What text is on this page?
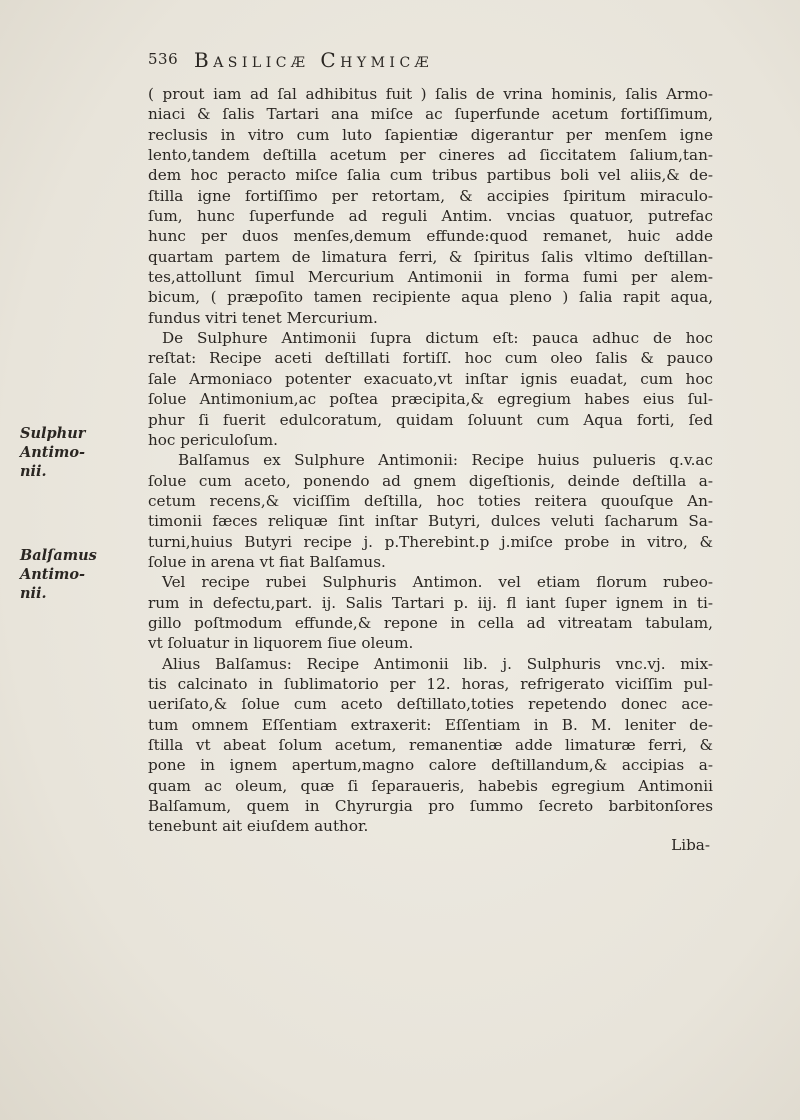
536 Basilicæ Chymicæ
Sulphur
Antimo-
nii.
Balſamus
Antimo-
nii.
( prout iam ad ſal adhibitus fuit ) ſalis de vrina hominis, ſalis Armo-
niaci & ſalis Tartari ana miſce ac ſuperfunde acetum fortiſſimum,
reclusis in vitro cum luto ſapientiæ digerantur per menſem igne
lento,tandem deſtilla acetum per cineres ad ſiccitatem ſalium,tan-
dem hoc peracto miſce ſalia cum tribus partibus boli vel aliis,& de-
ſtilla igne fortiſſimo per retortam, & accipies ſpiritum miraculo-
ſum, hunc ſuperfunde ad reguli Antim. vncias quatuor, putrefac
hunc per duos menſes,demum effunde:quod remanet, huic adde
quartam partem de limatura ferri, & ſpiritus ſalis vltimo deſtillan-
tes,attollunt ſimul Mercurium Antimonii in forma fumi per alem-
bicum, ( præpoſito tamen recipiente aqua pleno ) ſalia rapit aqua,
fundus vitri tenet Mercurium.
De Sulphure Antimonii ſupra dictum eſt: pauca adhuc de hoc
reſtat: Recipe aceti deſtillati fortiſſ. hoc cum oleo ſalis & pauco
ſale Armoniaco potenter exacuato,vt inſtar ignis euadat, cum hoc
ſolue Antimonium,ac poſtea præcipita,& egregium habes eius ſul-
phur ſi fuerit edulcoratum, quidam ſoluunt cum Aqua forti, ſed
hoc periculoſum.
Balſamus ex Sulphure Antimonii: Recipe huius pulueris q.v.ac
ſolue cum aceto, ponendo ad gnem digeſtionis, deinde deſtilla a-
cetum recens,& viciſſim deſtilla, hoc toties reitera quouſque An-
timonii fæces reliquæ ſint inſtar Butyri, dulces veluti ſacharum Sa-
turni,huius Butyri recipe j. p.Therebint.p j.miſce probe in vitro, &
ſolue in arena vt fiat Balſamus.
Vel recipe rubei Sulphuris Antimon. vel etiam florum rubeo-
rum in defectu,part. ij. Salis Tartari p. iij. fl iant ſuper ignem in ti-
gillo poſtmodum effunde,& repone in cella ad vitreatam tabulam,
vt ſoluatur in liquorem ſiue oleum.
Alius Balſamus: Recipe Antimonii lib. j. Sulphuris vnc.vj. mix-
tis calcinato in ſublimatorio per 12. horas, refrigerato viciſſim pul-
ueriſato,& ſolue cum aceto deſtillato,toties repetendo donec ace-
tum omnem Eſſentiam extraxerit: Eſſentiam in B. M. leniter de-
ſtilla vt abeat ſolum acetum, remanentiæ adde limaturæ ferri, &
pone in ignem apertum,magno calore deſtillandum,& accipias a-
quam ac oleum, quæ ſi ſeparaueris, habebis egregium Antimonii
Balſamum, quem in Chyrurgia pro ſummo ſecreto barbitonſores
tenebunt ait eiuſdem author.
Liba-
